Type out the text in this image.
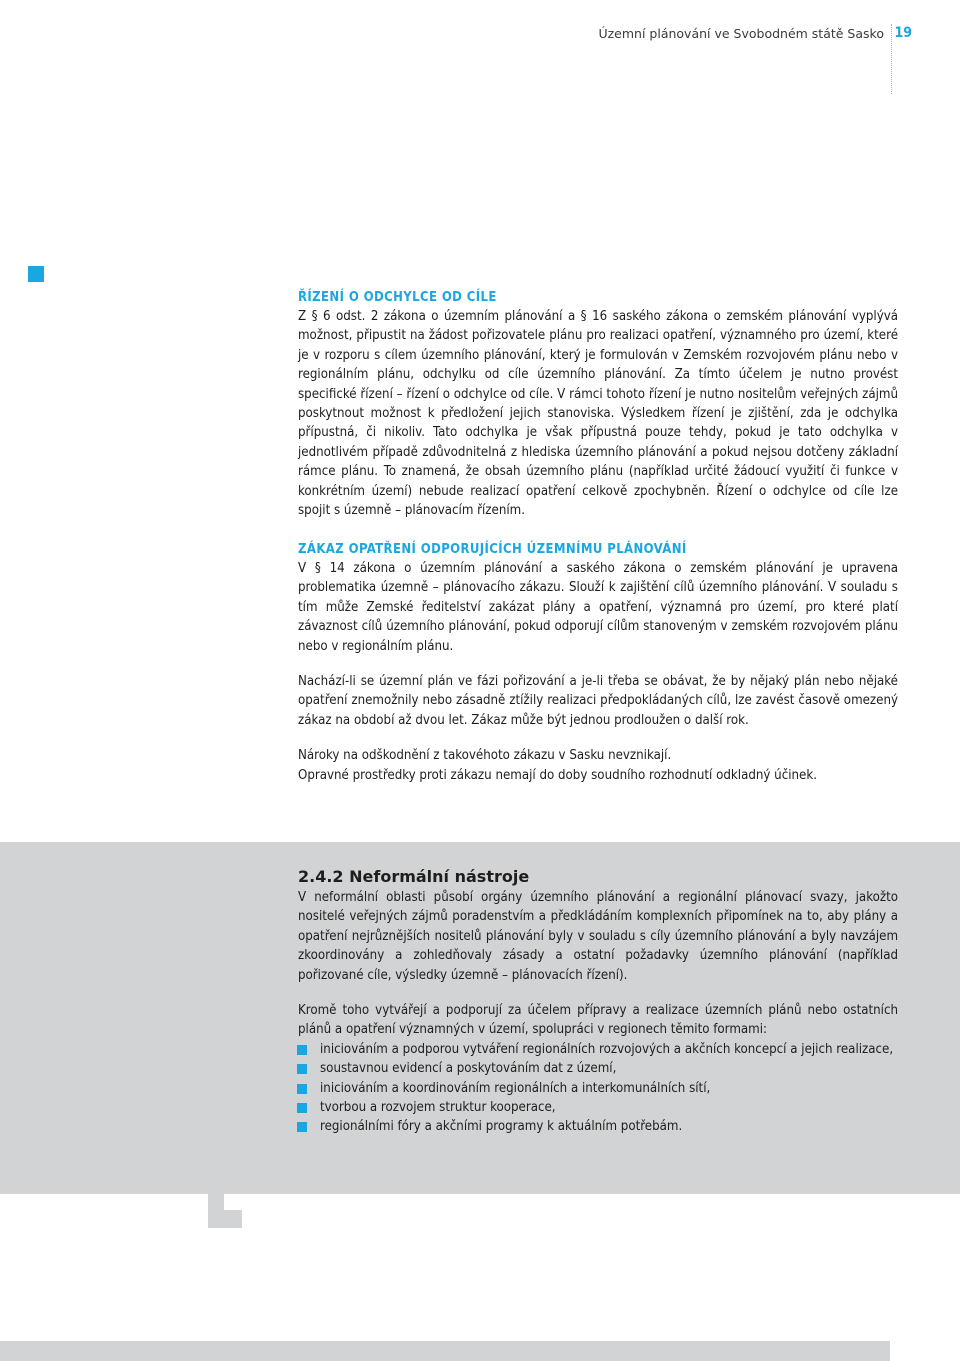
Územní plánování ve Svobodném státě Sasko 19

ŘÍZENÍ O ODCHYLCE OD CÍLE

Z § 6 odst. 2 zákona o územním plánování a § 16 saského zákona o zemském plánování vyplývá možnost, připustit na žádost pořizovatele plánu pro realizaci opatření, významného pro území, které je v rozporu s cílem územního plánování, který je formulován v Zemském rozvojovém plánu nebo v regionálním plánu, odchylku od cíle územního plánování. Za tímto účelem je nutno provést specifické řízení – řízení o odchylce od cíle. V rámci tohoto řízení je nutno nositelům veřejných zájmů poskytnout možnost k předložení jejich stanoviska. Výsledkem řízení je zjištění, zda je odchylka přípustná, či nikoliv. Tato odchylka je však přípustná pouze tehdy, pokud je tato odchylka v jednotlivém případě zdůvodnitelná z hlediska územního plánování a pokud nejsou dotčeny základní rámce plánu. To znamená, že obsah územního plánu (například určité žádoucí využití či funkce v konkrétním území) nebude realizací opatření celkově zpochybněn. Řízení o odchylce od cíle lze spojit s územně – plánovacím řízením.

ZÁKAZ OPATŘENÍ ODPORUJÍCÍCH ÚZEMNÍMU PLÁNOVÁNÍ

V § 14 zákona o územním plánování a saského zákona o zemském plánování je upravena problematika územně – plánovacího zákazu. Slouží k zajištění cílů územního plánování. V souladu s tím může Zemské ředitelství zakázat plány a opatření, významná pro území, pro které platí závaznost cílů územního plánování, pokud odporují cílům stanoveným v zemském rozvojovém plánu nebo v regionálním plánu.

Nachází-li se územní plán ve fázi pořizování a je-li třeba se obávat, že by nějaký plán nebo nějaké opatření znemožnily nebo zásadně ztížily realizaci předpokládaných cílů, lze zavést časově omezený zákaz na období až dvou let. Zákaz může být jednou prodloužen o další rok.

Nároky na odškodnění z takovéhoto zákazu v Sasku nevznikají.

Opravné prostředky proti zákazu nemají do doby soudního rozhodnutí odkladný účinek.

2.4.2 Neformální nástroje

V neformální oblasti působí orgány územního plánování a regionální plánovací svazy, jakožto nositelé veřejných zájmů poradenstvím a předkládáním komplexních připomínek na to, aby plány a opatření nejrůznějších nositelů plánování byly v souladu s cíly územního plánování a byly navzájem zkoordinovány a zohledňovaly zásady a ostatní požadavky územního plánování (například pořizované cíle, výsledky územně – plánovacích řízení).

Kromě toho vytvářejí a podporují za účelem přípravy a realizace územních plánů nebo ostatních plánů a opatření významných v území, spolupráci v regionech těmito formami:

iniciováním a podporou vytváření regionálních rozvojových a akčních koncepcí a jejich realizace,
soustavnou evidencí a poskytováním dat z území,
iniciováním a koordinováním regionálních a interkomunálních sítí,
tvorbou a rozvojem struktur kooperace,
regionálními fóry a akčními programy k aktuálním potřebám.
